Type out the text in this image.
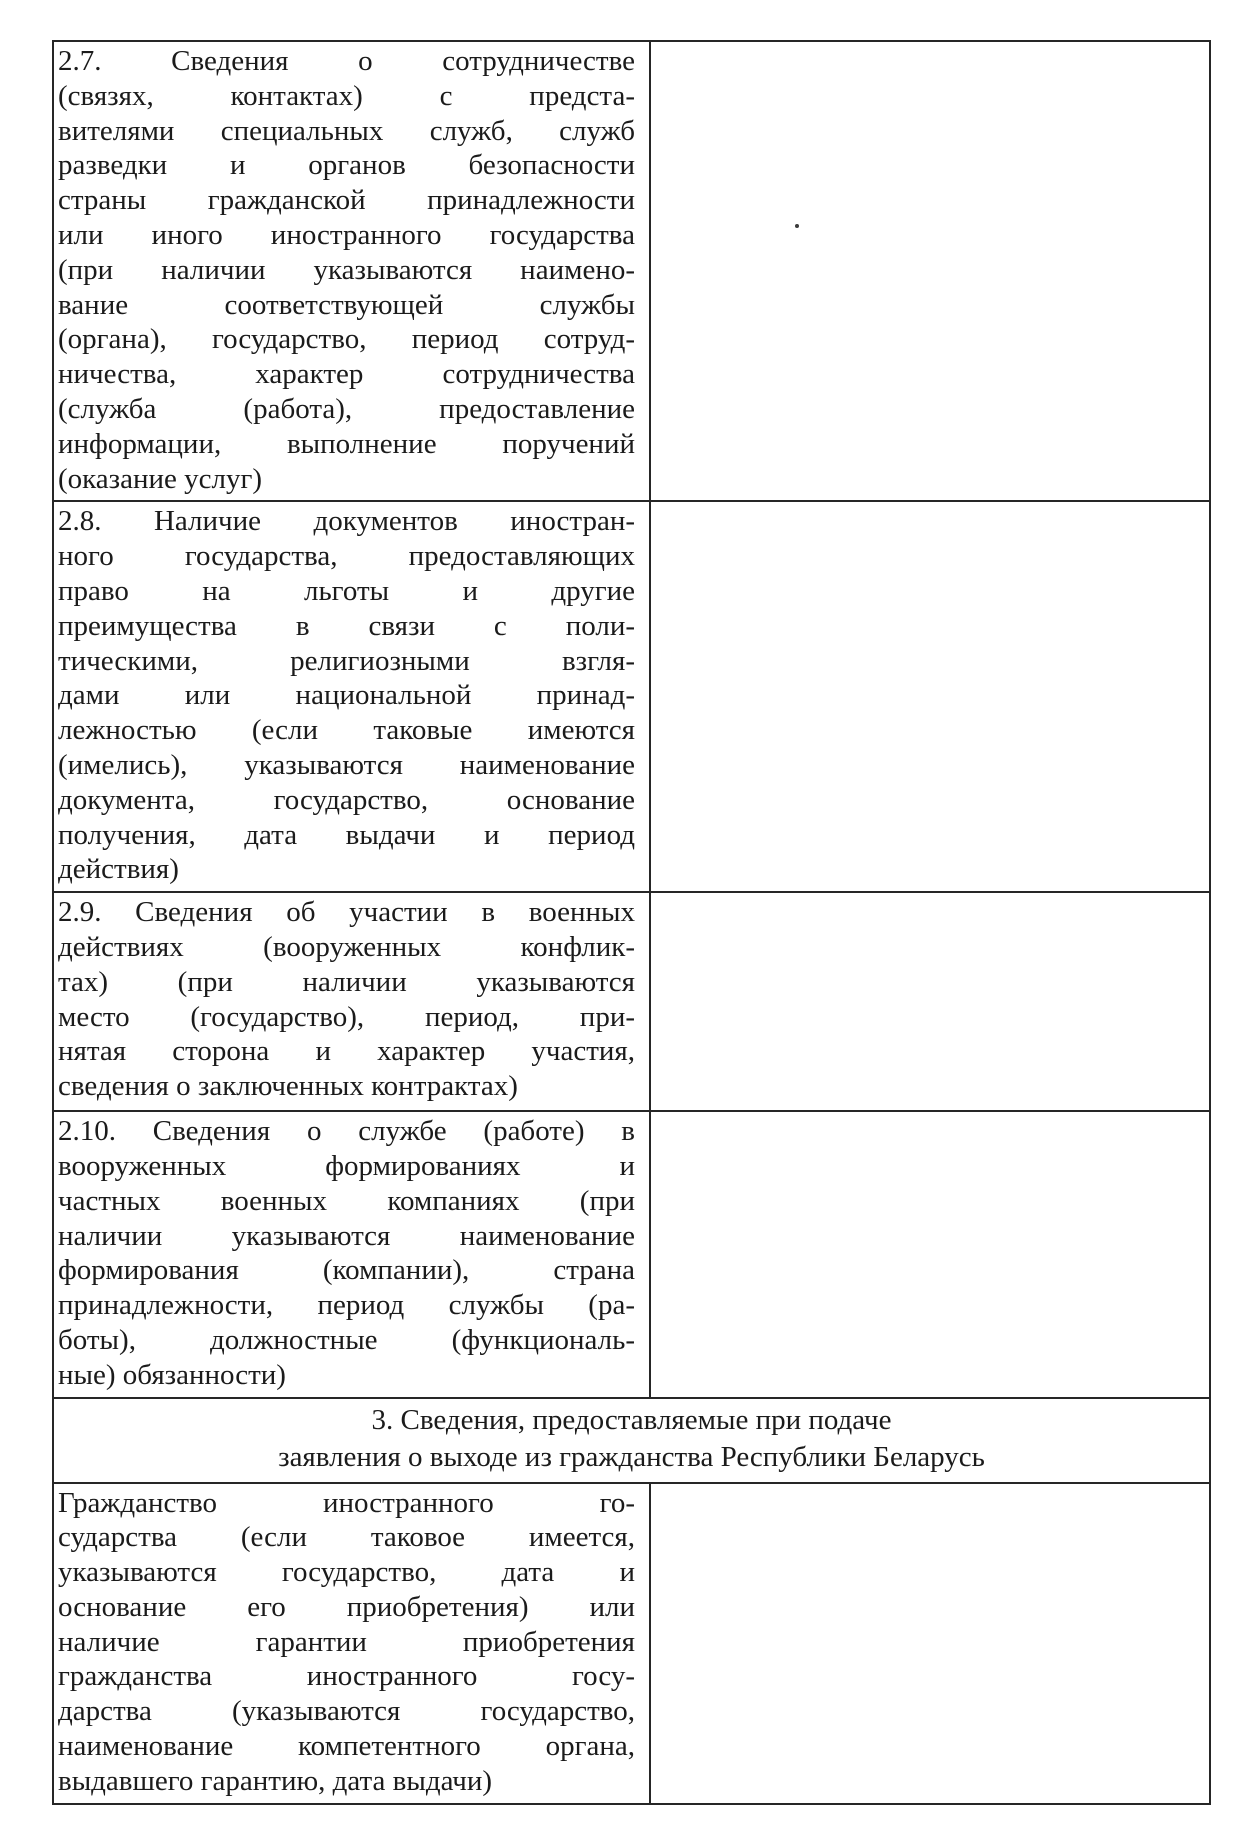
2.7. Сведения о сотрудничестве
(связях, контактах) с предста-
вителями специальных служб, служб
разведки и органов безопасности
страны гражданской принадлежности
или иного иностранного государства
(при наличии указываются наимено-
вание соответствующей службы
(органа), государство, период сотруд-
ничества, характер сотрудничества
(служба (работа), предоставление
информации, выполнение поручений
(оказание услуг)
2.8. Наличие документов иностран-
ного государства, предоставляющих
право на льготы и другие
преимущества в связи с поли-
тическими, религиозными взгля-
дами или национальной принад-
лежностью (если таковые имеются
(имелись), указываются наименование
документа, государство, основание
получения, дата выдачи и период
действия)
2.9. Сведения об участии в военных
действиях (вооруженных конфлик-
тах) (при наличии указываются
место (государство), период, при-
нятая сторона и характер участия,
сведения о заключенных контрактах)
2.10. Сведения о службе (работе) в
вооруженных формированиях и
частных военных компаниях (при
наличии указываются наименование
формирования (компании), страна
принадлежности, период службы (ра-
боты), должностные (функциональ-
ные) обязанности)
3. Сведения, предоставляемые при подаче
заявления о выходе из гражданства Республики Беларусь
Гражданство иностранного го-
сударства (если таковое имеется,
указываются государство, дата и
основание его приобретения) или
наличие гарантии приобретения
гражданства иностранного госу-
дарства (указываются государство,
наименование компетентного органа,
выдавшего гарантию, дата выдачи)
